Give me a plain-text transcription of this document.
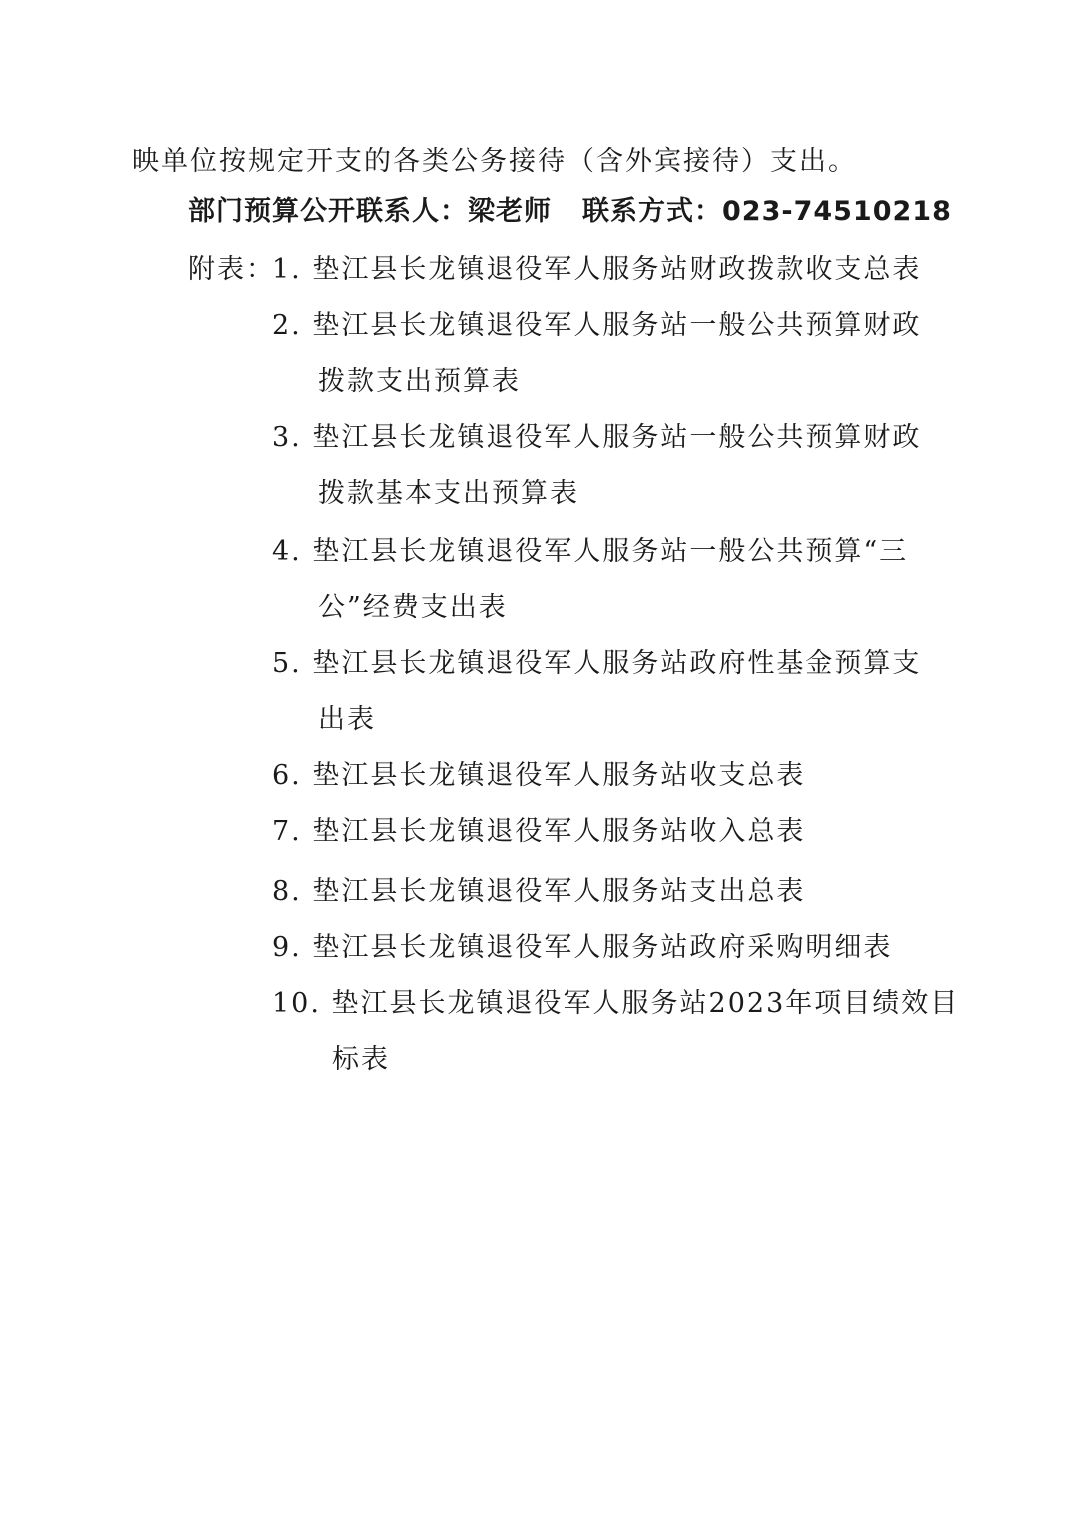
映单位按规定开支的各类公务接待（含外宾接待）支出。
部门预算公开联系人：梁老师 联系方式：023-74510218
附表：
1. 垫江县长龙镇退役军人服务站财政拨款收支总表
2. 垫江县长龙镇退役军人服务站一般公共预算财政
拨款支出预算表
3. 垫江县长龙镇退役军人服务站一般公共预算财政
拨款基本支出预算表
4. 垫江县长龙镇退役军人服务站一般公共预算“三
公”经费支出表
5. 垫江县长龙镇退役军人服务站政府性基金预算支
出表
6. 垫江县长龙镇退役军人服务站收支总表
7. 垫江县长龙镇退役军人服务站收入总表
8. 垫江县长龙镇退役军人服务站支出总表
9. 垫江县长龙镇退役军人服务站政府采购明细表
10. 垫江县长龙镇退役军人服务站2023年项目绩效目
标表
